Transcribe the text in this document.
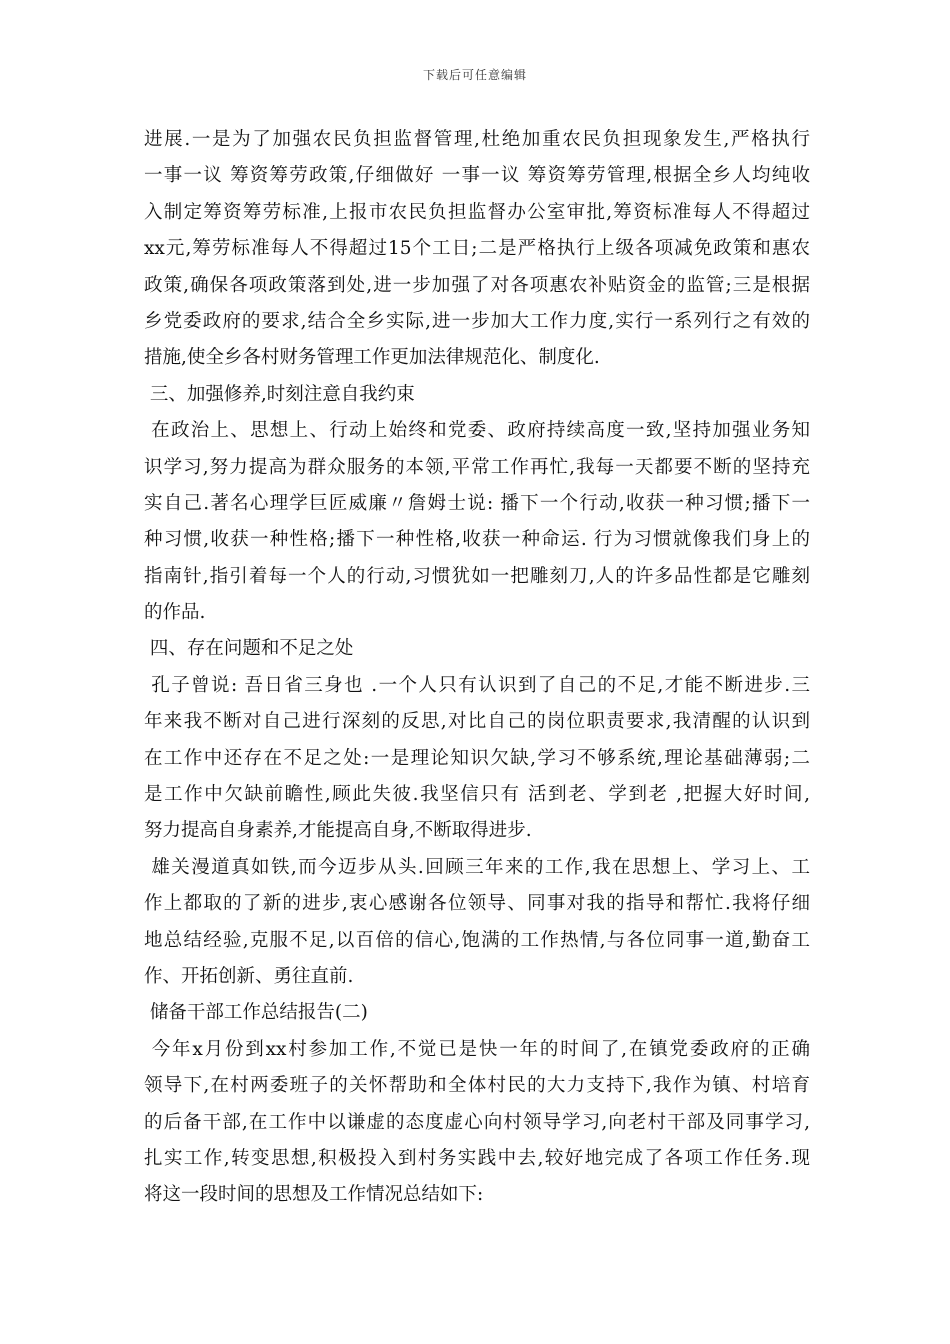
下载后可任意编辑
进展.一是为了加强农民负担监督管理,杜绝加重农民负担现象发生,严格执行
一事一议 筹资筹劳政策,仔细做好 一事一议 筹资筹劳管理,根据全乡人均纯收
入制定筹资筹劳标准,上报市农民负担监督办公室审批,筹资标准每人不得超过
xx元,筹劳标准每人不得超过15个工日;二是严格执行上级各项减免政策和惠农
政策,确保各项政策落到处,进一步加强了对各项惠农补贴资金的监管;三是根据
乡党委政府的要求,结合全乡实际,进一步加大工作力度,实行一系列行之有效的
措施,使全乡各村财务管理工作更加法律规范化、制度化.
三、加强修养,时刻注意自我约束
在政治上、思想上、行动上始终和党委、政府持续高度一致,坚持加强业务知
识学习,努力提高为群众服务的本领,平常工作再忙,我每一天都要不断的坚持充
实自己.著名心理学巨匠威廉〃詹姆士说: 播下一个行动,收获一种习惯;播下一
种习惯,收获一种性格;播下一种性格,收获一种命运. 行为习惯就像我们身上的
指南针,指引着每一个人的行动,习惯犹如一把雕刻刀,人的许多品性都是它雕刻
的作品.
四、存在问题和不足之处
孔子曾说: 吾日省三身也 .一个人只有认识到了自己的不足,才能不断进步.三
年来我不断对自己进行深刻的反思,对比自己的岗位职责要求,我清醒的认识到
在工作中还存在不足之处:一是理论知识欠缺,学习不够系统,理论基础薄弱;二
是工作中欠缺前瞻性,顾此失彼.我坚信只有 活到老、学到老 ,把握大好时间,
努力提高自身素养,才能提高自身,不断取得进步.
雄关漫道真如铁,而今迈步从头.回顾三年来的工作,我在思想上、学习上、工
作上都取的了新的进步,衷心感谢各位领导、同事对我的指导和帮忙.我将仔细
地总结经验,克服不足,以百倍的信心,饱满的工作热情,与各位同事一道,勤奋工
作、开拓创新、勇往直前.
储备干部工作总结报告(二)
今年x月份到xx村参加工作,不觉已是快一年的时间了,在镇党委政府的正确
领导下,在村两委班子的关怀帮助和全体村民的大力支持下,我作为镇、村培育
的后备干部,在工作中以谦虚的态度虚心向村领导学习,向老村干部及同事学习,
扎实工作,转变思想,积极投入到村务实践中去,较好地完成了各项工作任务.现
将这一段时间的思想及工作情况总结如下:
